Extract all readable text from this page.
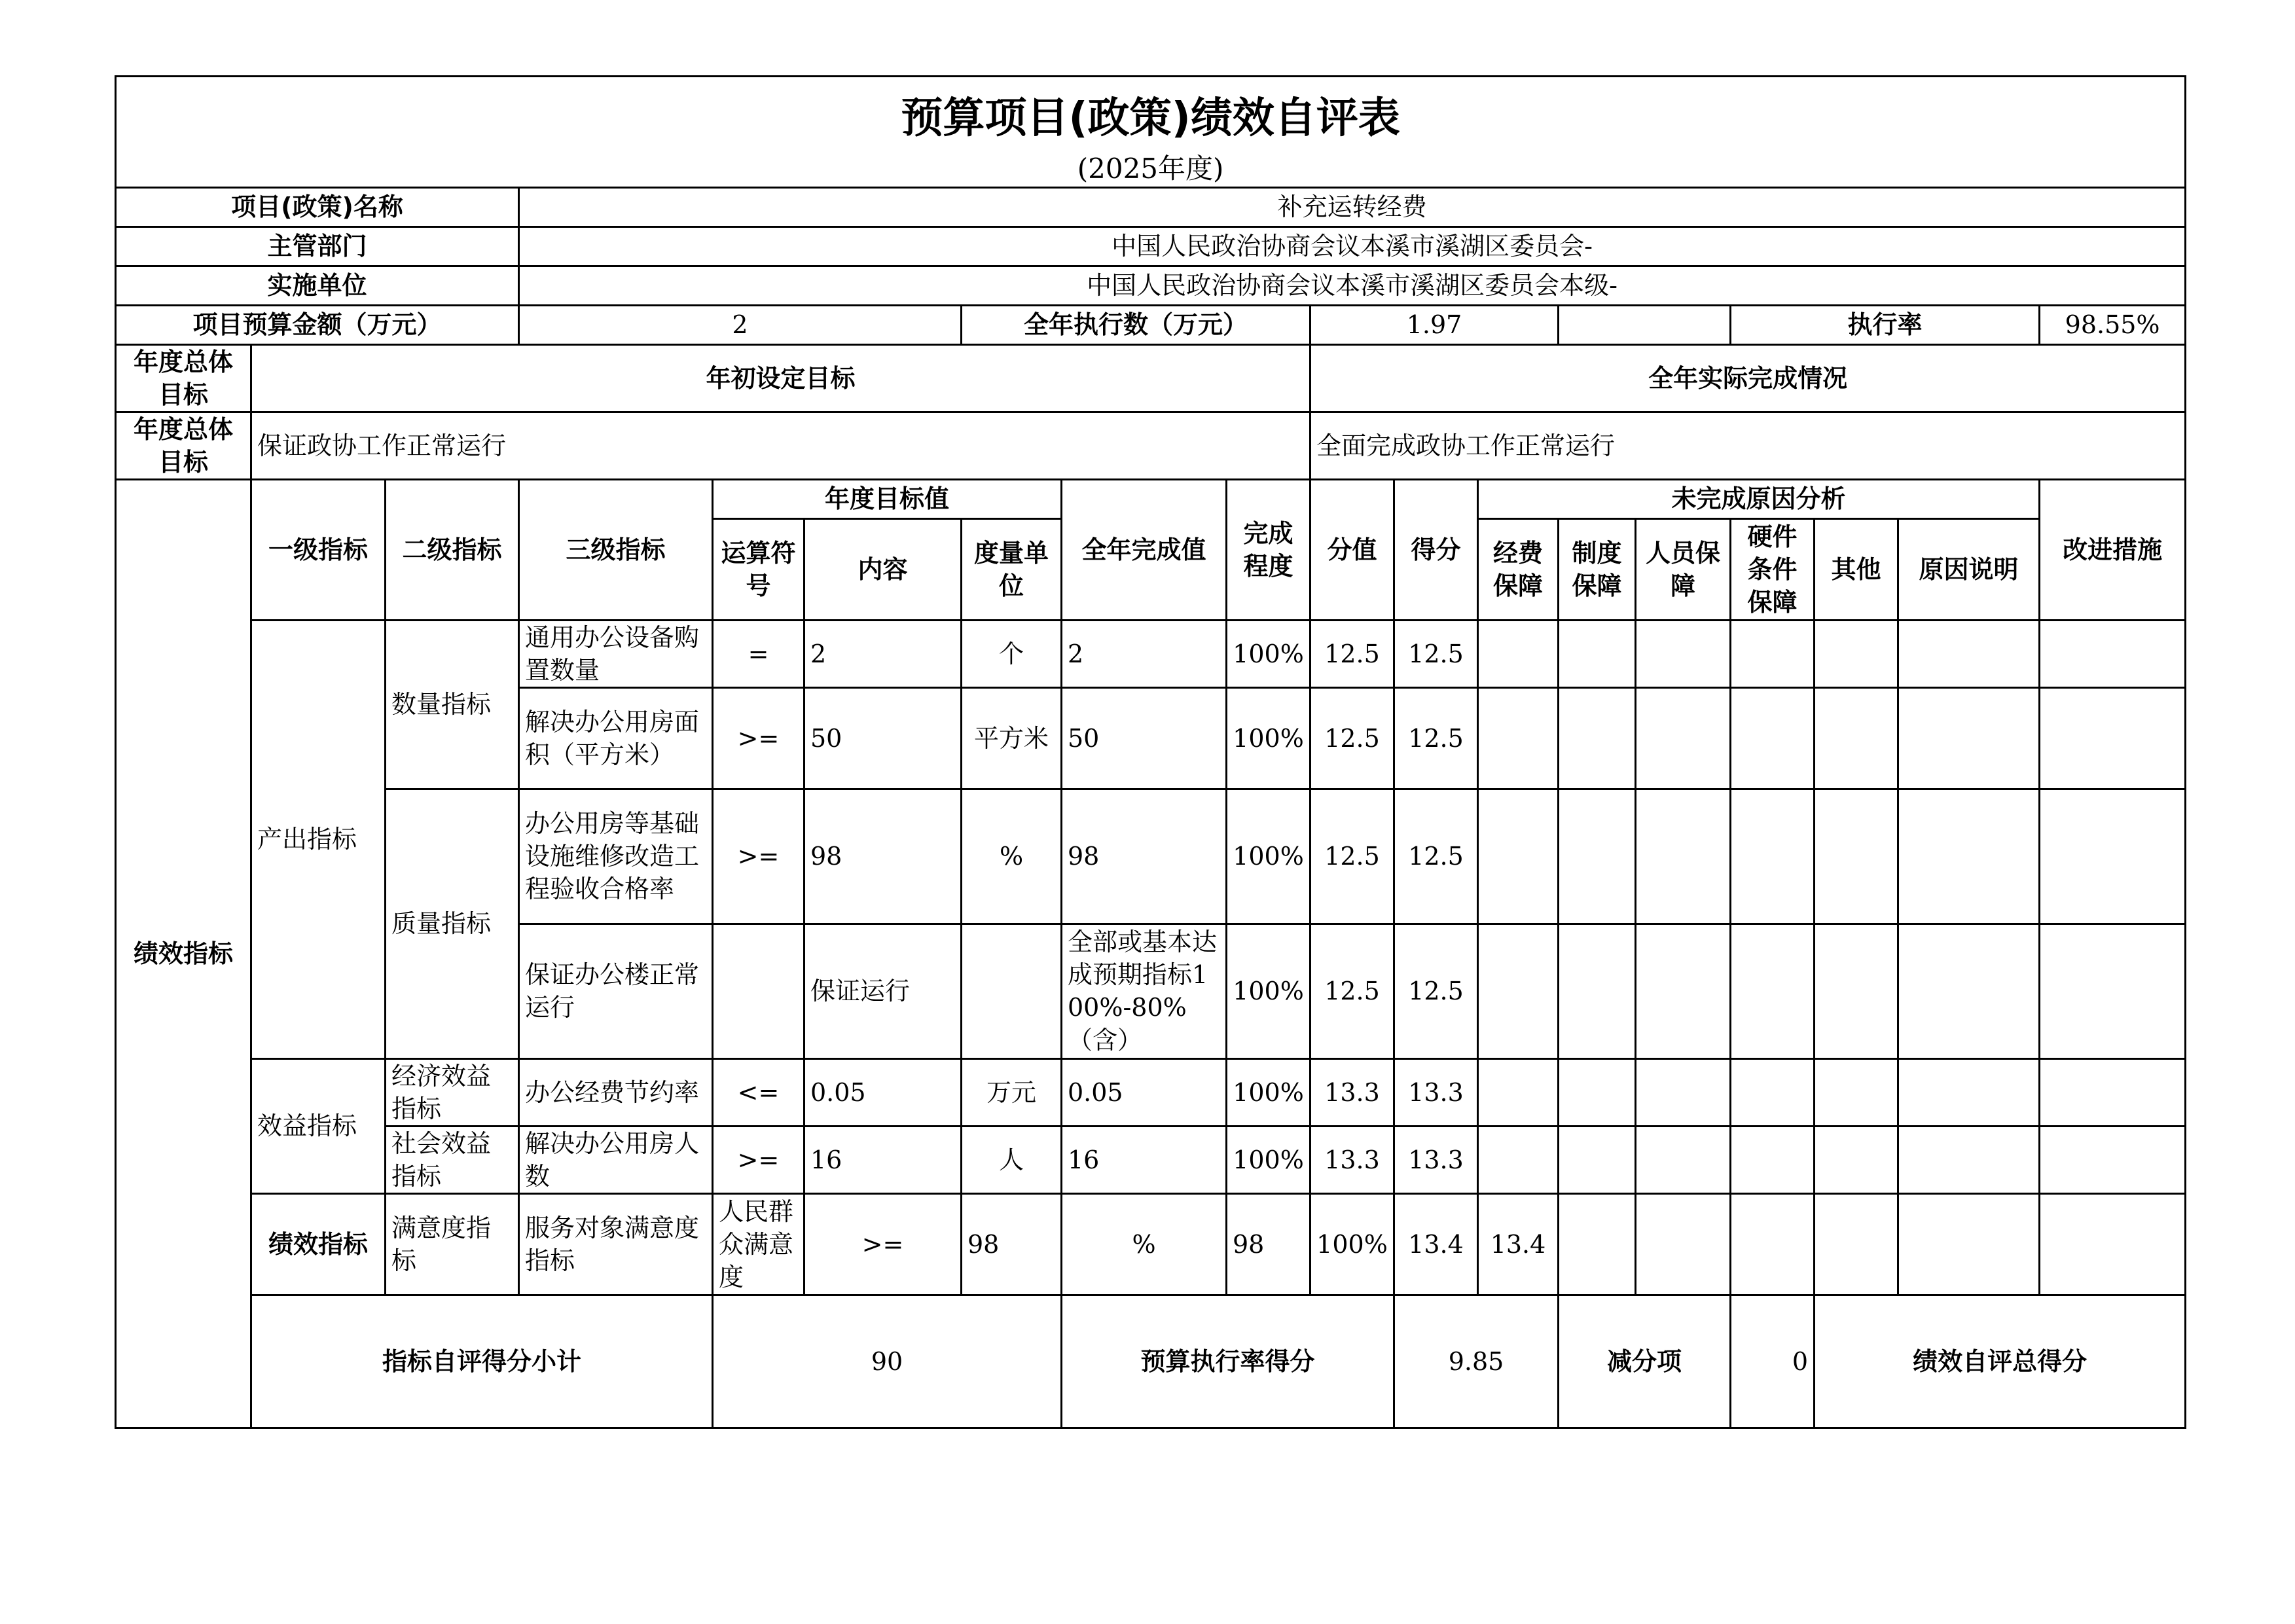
预算项目(政策)绩效自评表																		
(2025年度)																		
项目(政策)名称			补充运转经费															
主管部门			中国人民政治协商会议本溪市溪湖区委员会-															
实施单位			中国人民政治协商会议本溪市溪湖区委员会本级-															
项目预算金额（万元）			2			全年执行数（万元）			1.97					执行率			98.55%	
年度总体目标	年初设定目标								全年实际完成情况									
年度总体目标	保证政协工作正常运行								全面完成政协工作正常运行									
绩效指标	一级指标	二级指标	三级指标	年度目标值			全年完成值	完成程度	分值	得分	未完成原因分析						改进措施	
				运算符号	内容	度量单位					经费保障	制度保障	人员保障	硬件条件保障	其他	原因说明		
	产出指标	数量指标	通用办公设备购置数量	=	2	个	2	100%	12.5	12.5								
			解决办公用房面积（平方米）	>=	50	平方米	50	100%	12.5	12.5								
		质量指标	办公用房等基础设施维修改造工程验收合格率	>=	98	%	98	100%	12.5	12.5								
			保证办公楼正常运行		保证运行		全部或基本达成预期指标100%-80%（含）	100%	12.5	12.5								
	效益指标	经济效益指标	办公经费节约率	<=	0.05	万元	0.05	100%	13.3	13.3								
		社会效益指标	解决办公用房人数	>=	16	人	16	100%	13.3	13.3								
	绩效指标	满意度指标	服务对象满意度指标	人民群众满意度	>=	98	%	98	100%	13.4	13.4							
	指标自评得分小计			90			预算执行率得分			9.85		减分项		0	绩效自评总得分	
